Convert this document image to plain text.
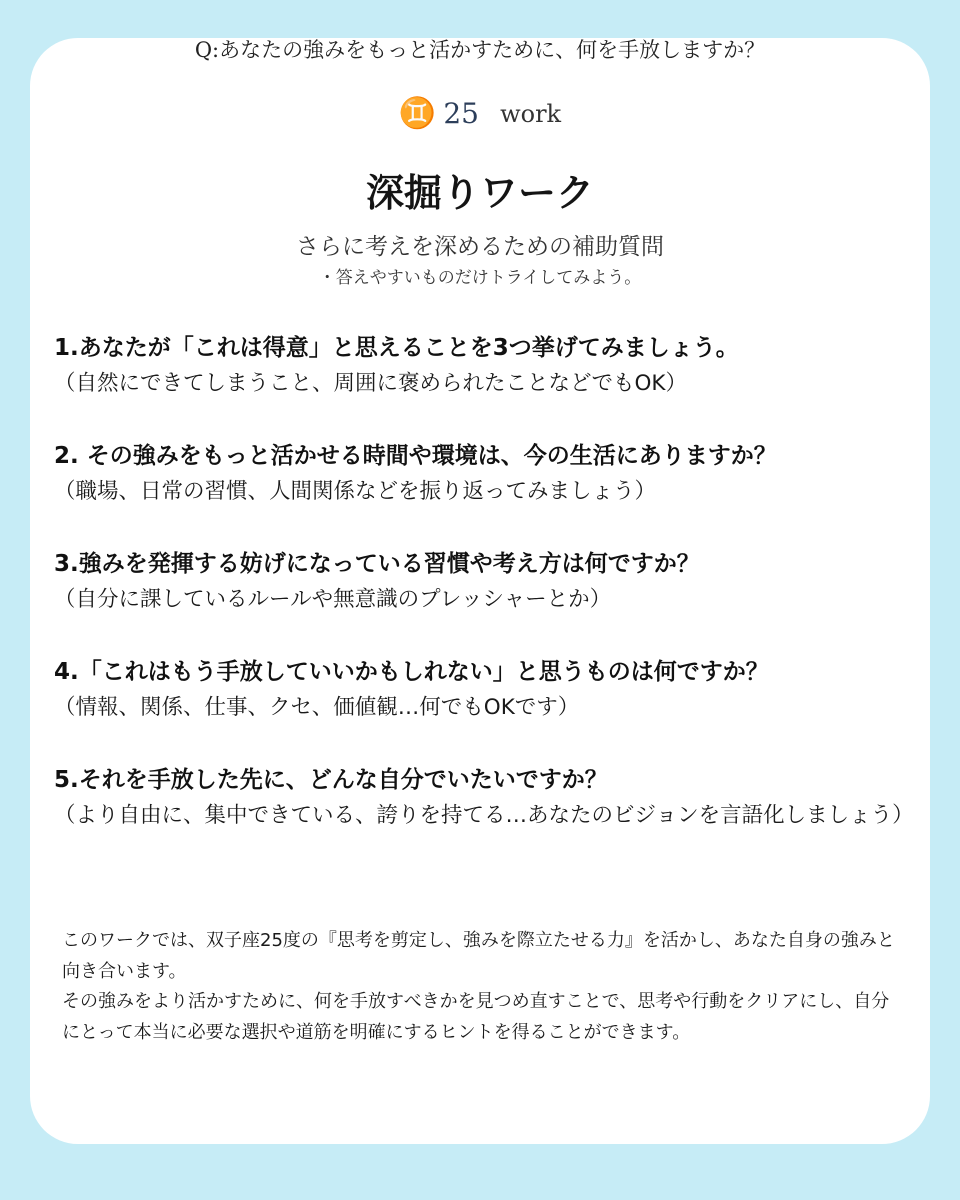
Q:あなたの強みをもっと活かすために、何を手放しますか？
♊ 25 work
深掘りワーク
さらに考えを深めるための補助質問
・答えやすいものだけトライしてみよう。
1.あなたが「これは得意」と思えることを3つ挙げてみましょう。
（自然にできてしまうこと、周囲に褒められたことなどでもOK）
2. その強みをもっと活かせる時間や環境は、今の生活にありますか？
（職場、日常の習慣、人間関係などを振り返ってみましょう）
3.強みを発揮する妨げになっている習慣や考え方は何ですか？
（自分に課しているルールや無意識のプレッシャーとか）
4.「これはもう手放していいかもしれない」と思うものは何ですか？
（情報、関係、仕事、クセ、価値観…何でもOKです）
5.それを手放した先に、どんな自分でいたいですか？
（より自由に、集中できている、誇りを持てる…あなたのビジョンを言語化しましょう）

このワークでは、双子座25度の『思考を剪定し、強みを際立たせる力』を活かし、あなた自身の強みと向き合います。

その強みをより活かすために、何を手放すべきかを見つめ直すことで、思考や行動をクリアにし、自分にとって本当に必要な選択や道筋を明確にするヒントを得ることができます。
